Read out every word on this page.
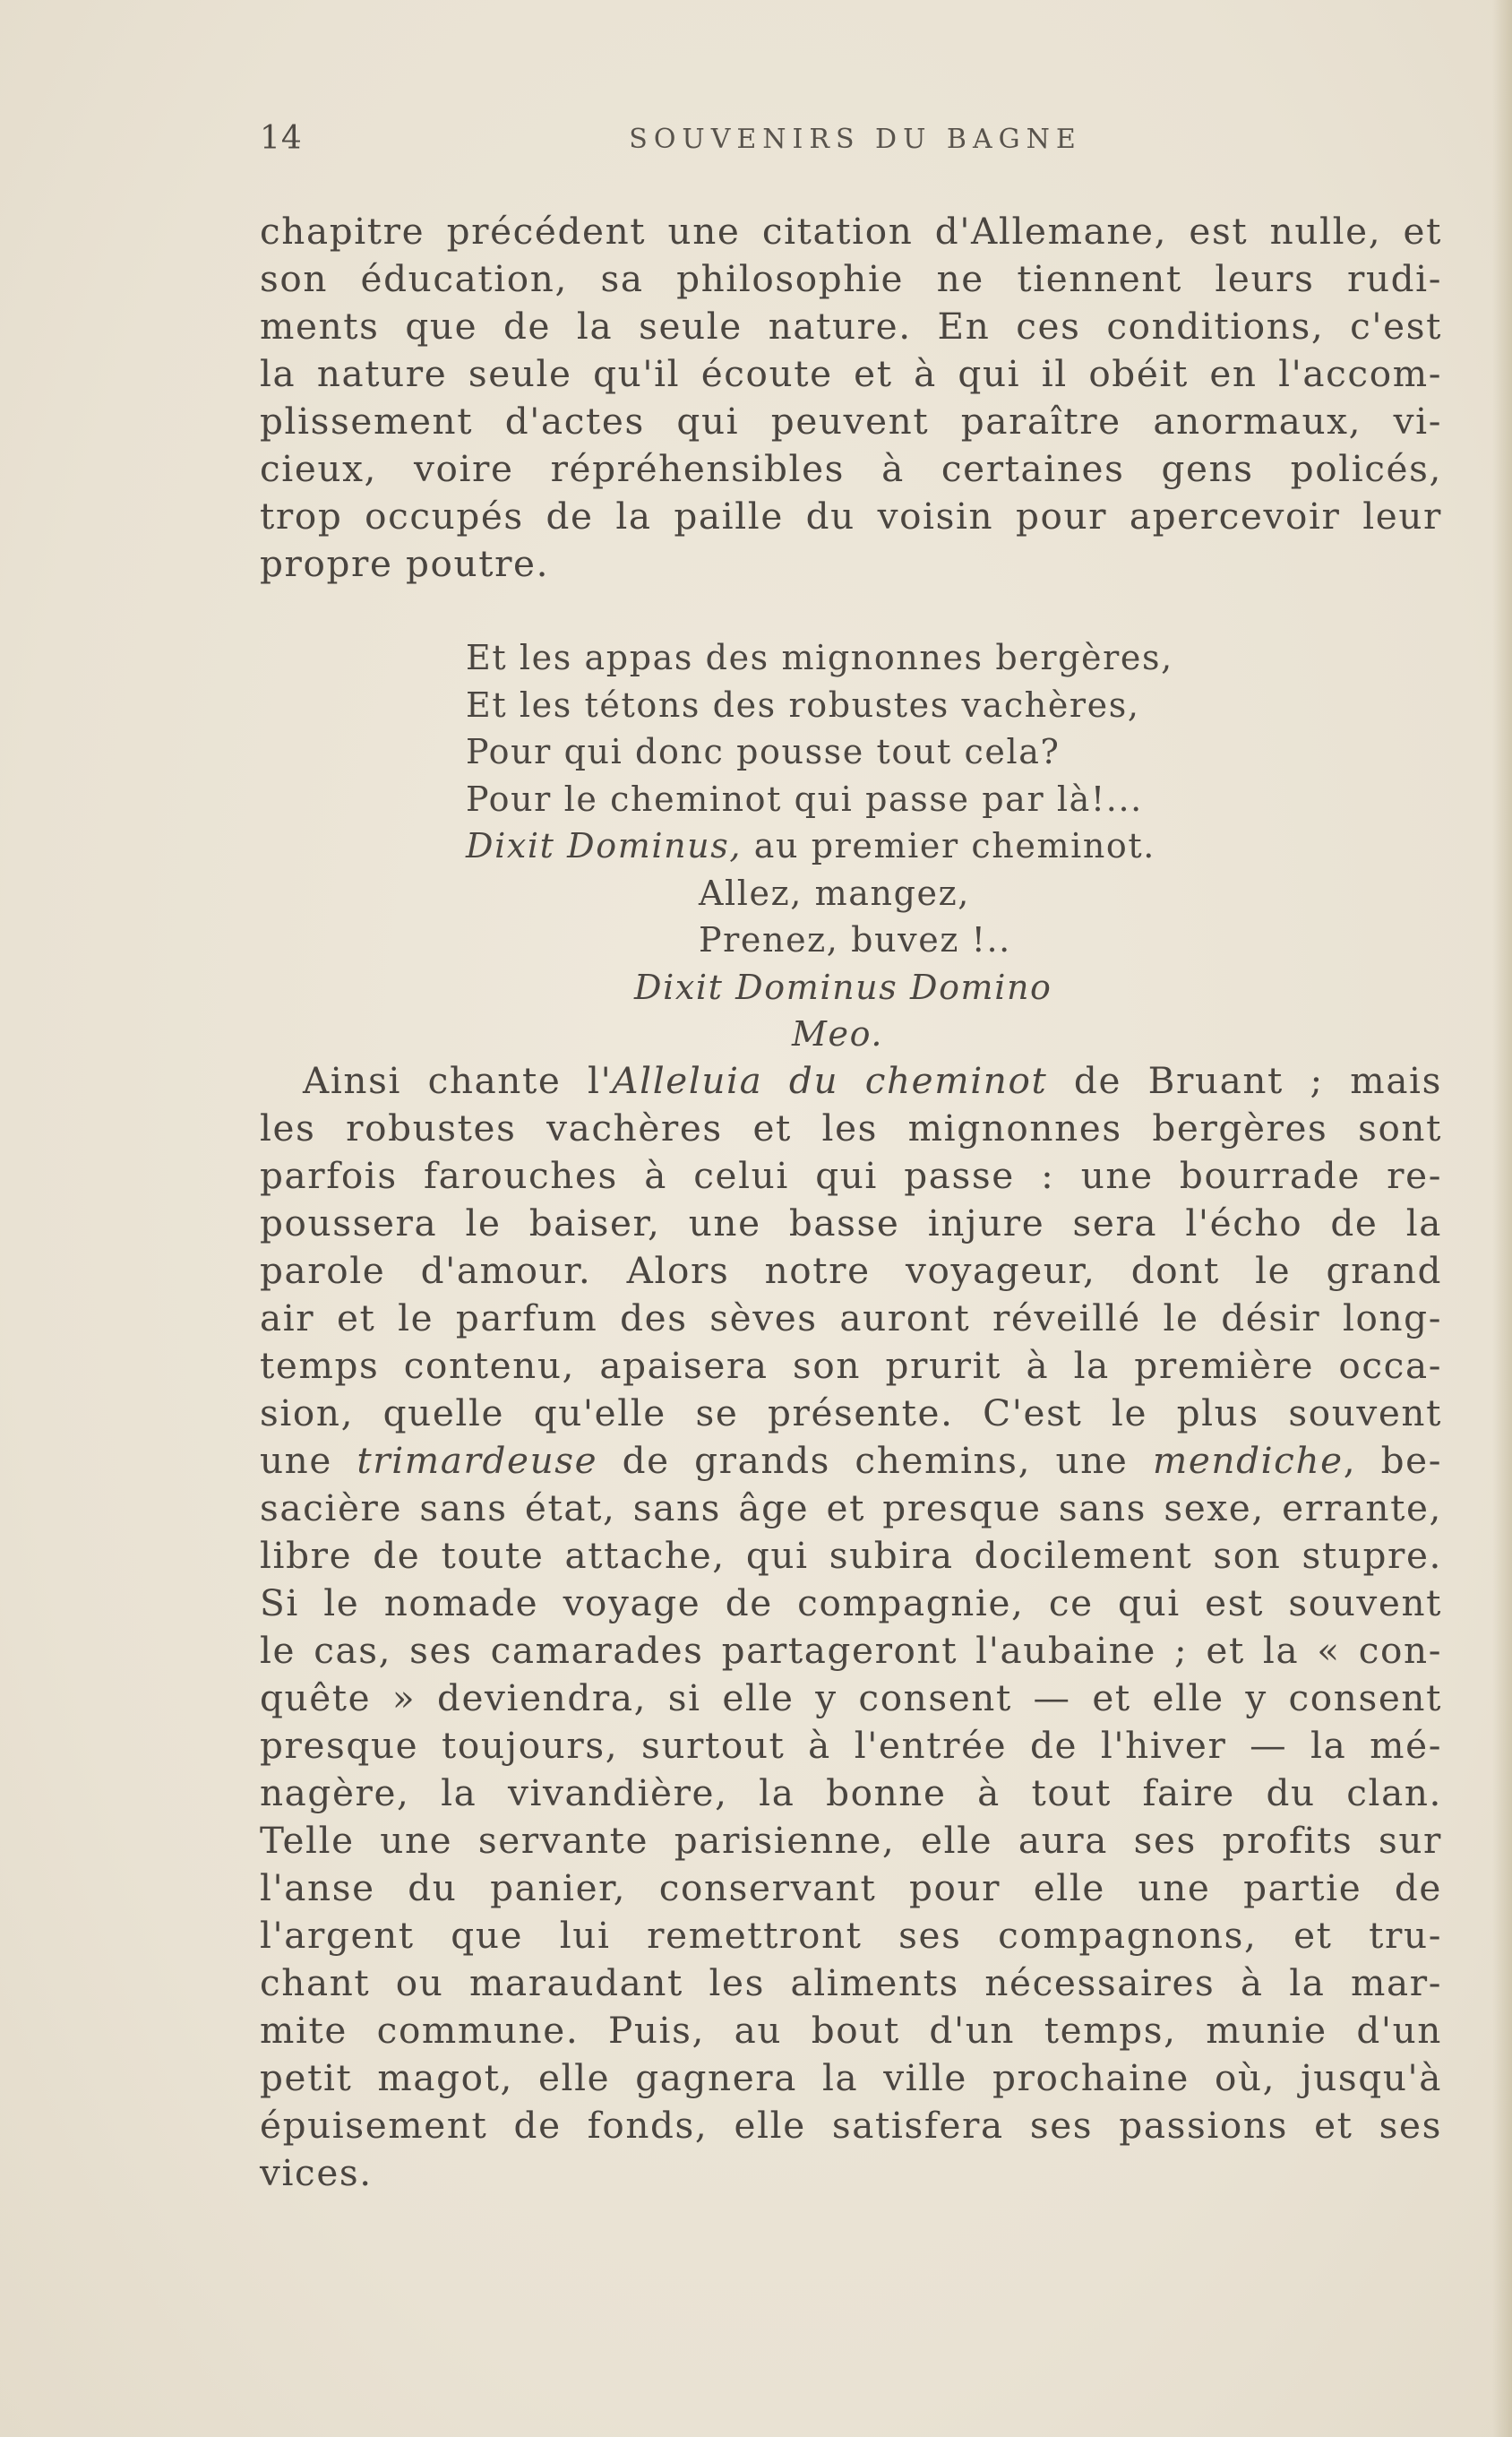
14	SOUVENIRS DU BAGNE
chapitre précédent une citation d'Allemane, est nulle, et
son éducation, sa philosophie ne tiennent leurs rudi-
ments que de la seule nature. En ces conditions, c'est
la nature seule qu'il écoute et à qui il obéit en l'accom-
plissement d'actes qui peuvent paraître anormaux, vi-
cieux, voire répréhensibles à certaines gens policés,
trop occupés de la paille du voisin pour apercevoir leur
propre poutre.
Et les appas des mignonnes bergères,
Et les tétons des robustes vachères,
Pour qui donc pousse tout cela?
Pour le cheminot qui passe par là!...
Dixit Dominus, au premier cheminot.
Allez, mangez,
Prenez, buvez !..
Dixit Dominus Domino
Meo.
Ainsi chante l'Alleluia du cheminot de Bruant ; mais
les robustes vachères et les mignonnes bergères sont
parfois farouches à celui qui passe : une bourrade re-
poussera le baiser, une basse injure sera l'écho de la
parole d'amour. Alors notre voyageur, dont le grand
air et le parfum des sèves auront réveillé le désir long-
temps contenu, apaisera son prurit à la première occa-
sion, quelle qu'elle se présente. C'est le plus souvent
une trimardeuse de grands chemins, une mendiche, be-
sacière sans état, sans âge et presque sans sexe, errante,
libre de toute attache, qui subira docilement son stupre.
Si le nomade voyage de compagnie, ce qui est souvent
le cas, ses camarades partageront l'aubaine ; et la « con-
quête » deviendra, si elle y consent — et elle y consent
presque toujours, surtout à l'entrée de l'hiver — la mé-
nagère, la vivandière, la bonne à tout faire du clan.
Telle une servante parisienne, elle aura ses profits sur
l'anse du panier, conservant pour elle une partie de
l'argent que lui remettront ses compagnons, et tru-
chant ou maraudant les aliments nécessaires à la mar-
mite commune. Puis, au bout d'un temps, munie d'un
petit magot, elle gagnera la ville prochaine où, jusqu'à
épuisement de fonds, elle satisfera ses passions et ses
vices.
